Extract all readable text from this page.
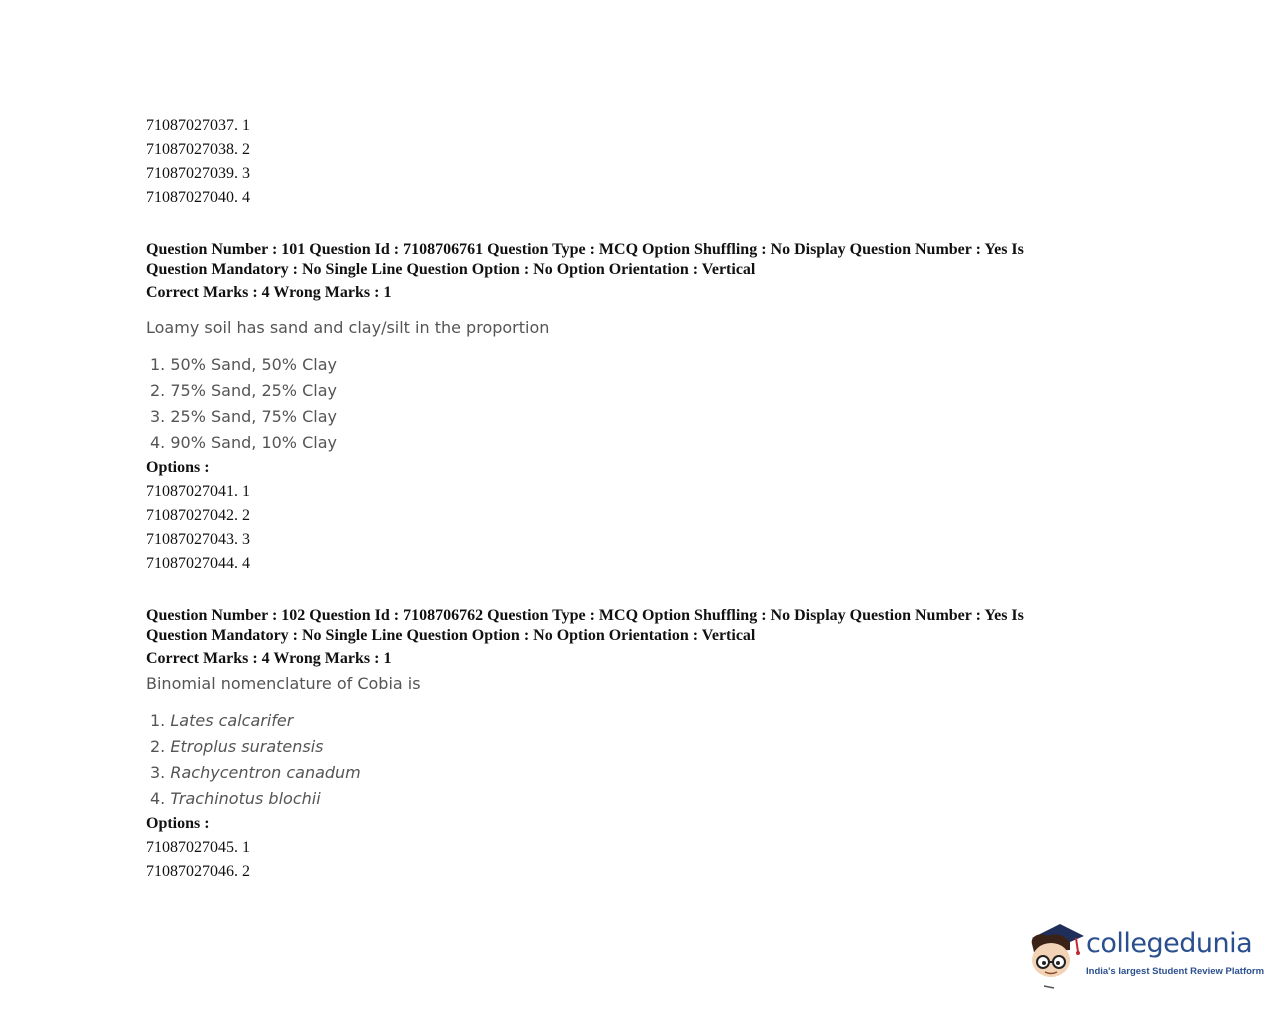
71087027037. 1
71087027038. 2
71087027039. 3
71087027040. 4
Question Number : 101 Question Id : 7108706761 Question Type : MCQ Option Shuffling : No Display Question Number : Yes Is
Question Mandatory : No Single Line Question Option : No Option Orientation : Vertical
Correct Marks : 4 Wrong Marks : 1
Loamy soil has sand and clay/silt in the proportion
1. 50% Sand, 50% Clay
2. 75% Sand, 25% Clay
3. 25% Sand, 75% Clay
4. 90% Sand, 10% Clay
Options :
71087027041. 1
71087027042. 2
71087027043. 3
71087027044. 4
Question Number : 102 Question Id : 7108706762 Question Type : MCQ Option Shuffling : No Display Question Number : Yes Is
Question Mandatory : No Single Line Question Option : No Option Orientation : Vertical
Correct Marks : 4 Wrong Marks : 1
Binomial nomenclature of Cobia is
1. Lates calcarifer
2. Etroplus suratensis
3. Rachycentron canadum
4. Trachinotus blochii
Options :
71087027045. 1
71087027046. 2
collegedunia
India's largest Student Review Platform
